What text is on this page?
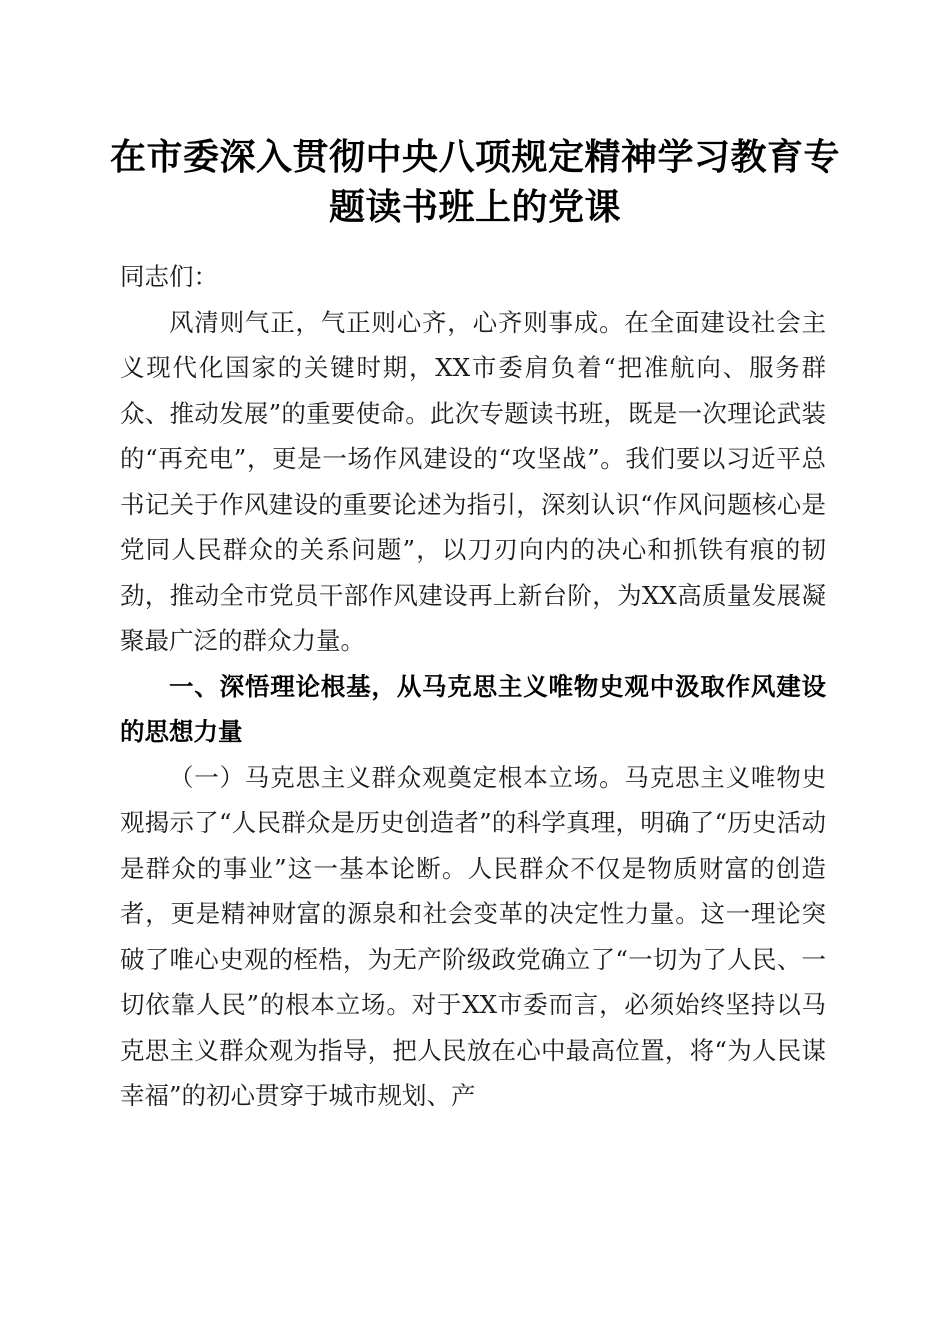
在市委深入贯彻中央八项规定精神学习教育专题读书班上的党课

同志们：

风清则气正，气正则心齐，心齐则事成。在全面建设社会主义现代化国家的关键时期，XX市委肩负着“把准航向、服务群众、推动发展”的重要使命。此次专题读书班，既是一次理论武装的“再充电”，更是一场作风建设的“攻坚战”。我们要以习近平总书记关于作风建设的重要论述为指引，深刻认识“作风问题核心是党同人民群众的关系问题”，以刀刃向内的决心和抓铁有痕的韧劲，推动全市党员干部作风建设再上新台阶，为XX高质量发展凝聚最广泛的群众力量。

一、深悟理论根基，从马克思主义唯物史观中汲取作风建设的思想力量

（一）马克思主义群众观奠定根本立场。马克思主义唯物史观揭示了“人民群众是历史创造者”的科学真理，明确了“历史活动是群众的事业”这一基本论断。人民群众不仅是物质财富的创造者，更是精神财富的源泉和社会变革的决定性力量。这一理论突破了唯心史观的桎梏，为无产阶级政党确立了“一切为了人民、一切依靠人民”的根本立场。对于XX市委而言，必须始终坚持以马克思主义群众观为指导，把人民放在心中最高位置，将“为人民谋幸福”的初心贯穿于城市规划、产
